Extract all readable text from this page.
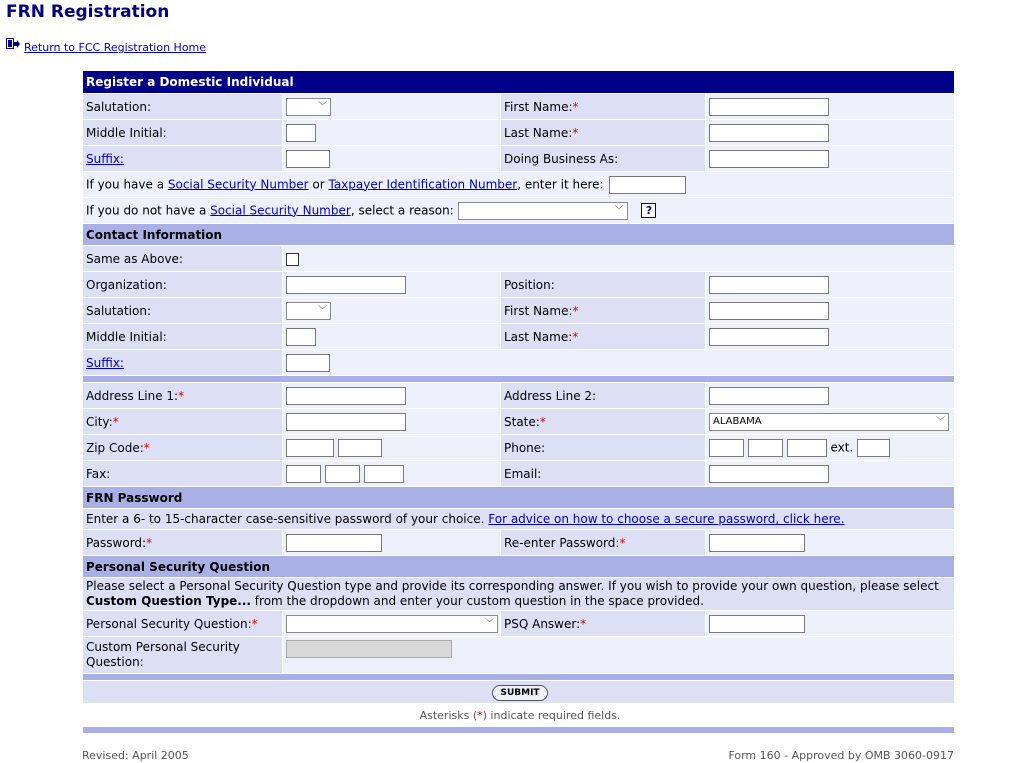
FRN Registration
Return to FCC Registration Home
Register a Domestic Individual			
Salutation:	﹀	First Name:*	
Middle Initial:		Last Name:*	
Suffix:		Doing Business As:	
If you have a Social Security Number or Taxpayer Identification Number, enter it here:			
If you do not have a Social Security Number, select a reason: ﹀ ?			
Contact Information			
Same as Above:			
Organization:		Position:	
Salutation:	﹀	First Name:*	
Middle Initial:		Last Name:*	
Suffix:	

Address Line 1:*		Address Line 2:	
City:*		State:*	ALABAMA ﹀

Zip Code:*		Phone:	ext.
Fax:		Email:	
FRN Password			
Enter a 6- to 15-character case-sensitive password of your choice. For advice on how to choose a secure password, click here.			
Password:*		Re-enter Password:*	
Personal Security Question			
Please select a Personal Security Question type and provide its corresponding answer. If you wish to provide your own question, please select Custom Question Type... from the dropdown and enter your custom question in the space provided.			
Personal Security Question:*	﹀	PSQ Answer:*	
Custom Personal Security Question:	

SUBMIT			
Asterisks (*) indicate required fields.			

Revised: April 2005	Form 160 - Approved by OMB 3060-0917
